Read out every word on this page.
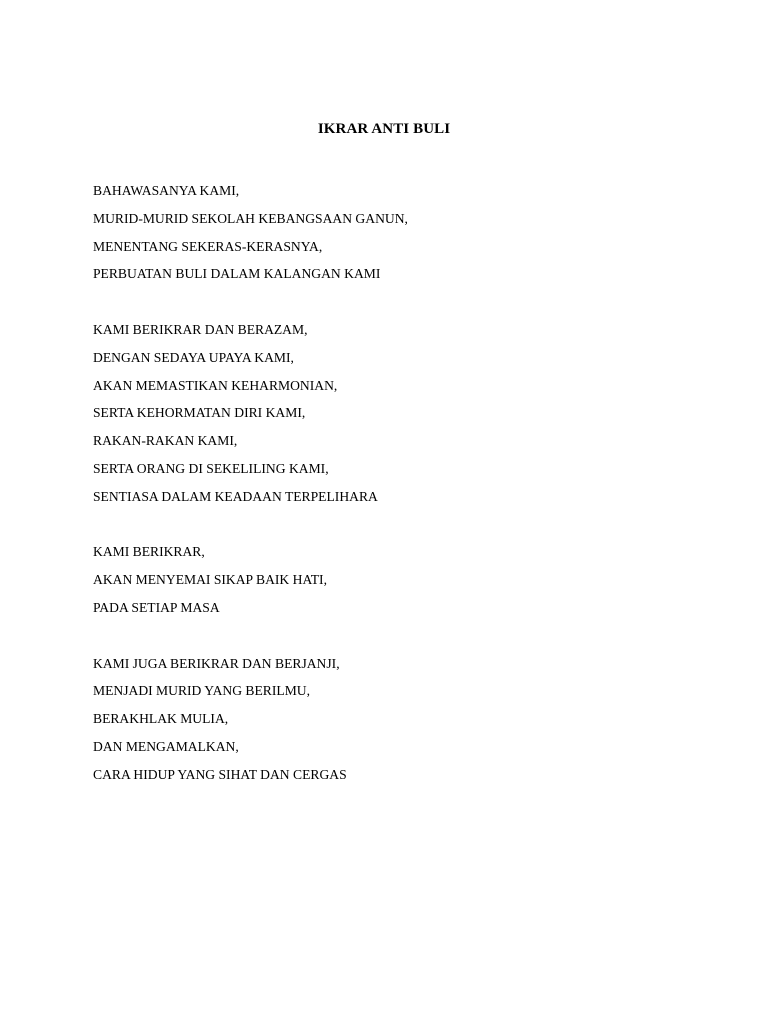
IKRAR ANTI BULI
BAHAWASANYA KAMI,
MURID-MURID SEKOLAH KEBANGSAAN GANUN,
MENENTANG SEKERAS-KERASNYA,
PERBUATAN BULI DALAM KALANGAN KAMI
KAMI BERIKRAR DAN BERAZAM,
DENGAN SEDAYA UPAYA KAMI,
AKAN MEMASTIKAN KEHARMONIAN,
SERTA KEHORMATAN DIRI KAMI,
RAKAN-RAKAN KAMI,
SERTA ORANG DI SEKELILING KAMI,
SENTIASA DALAM KEADAAN TERPELIHARA
KAMI BERIKRAR,
AKAN MENYEMAI SIKAP BAIK HATI,
PADA SETIAP MASA
KAMI JUGA BERIKRAR DAN BERJANJI,
MENJADI MURID YANG BERILMU,
BERAKHLAK MULIA,
DAN MENGAMALKAN,
CARA HIDUP YANG SIHAT DAN CERGAS
